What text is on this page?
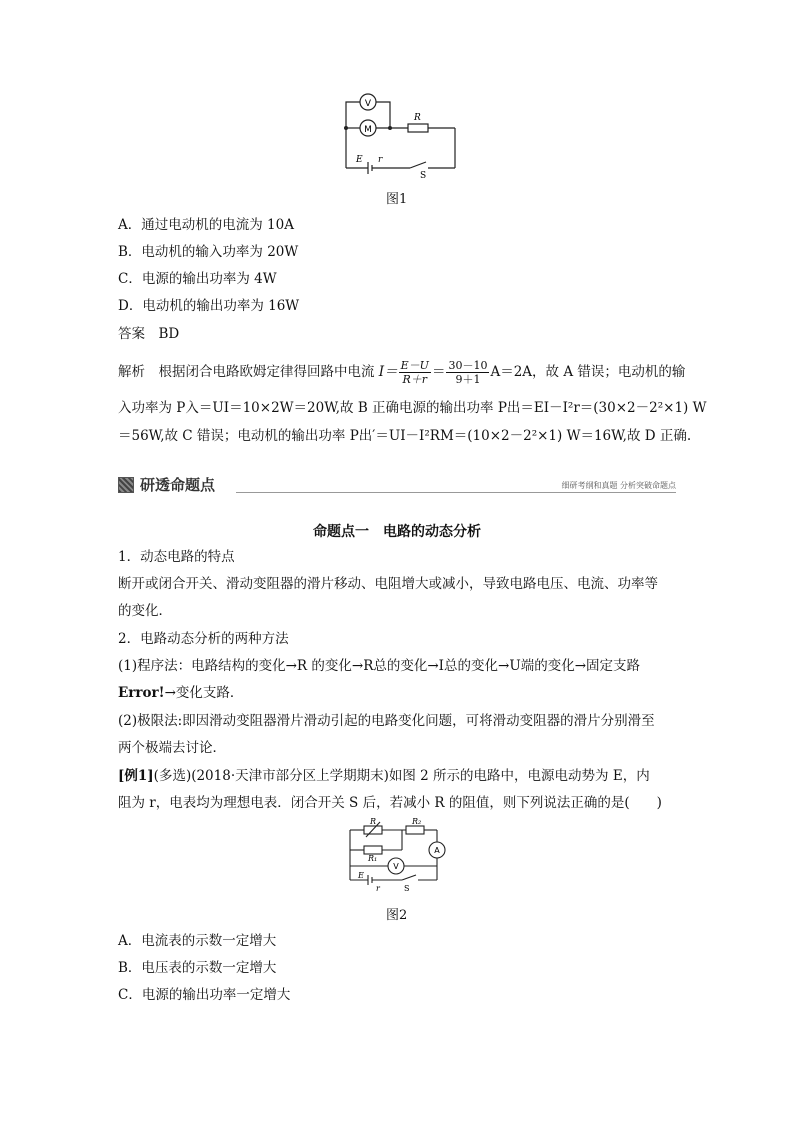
V
M
R
E r
S
图1
A．通过电动机的电流为 10A
B．电动机的输入功率为 20W
C．电源的输出功率为 4W
D．电动机的输出功率为 16W
答案　BD
解析　根据闭合电路欧姆定律得回路中电流 $I= \frac{E-U}{R+r} = \frac{30-10}{9+1} A=2A$，故 A 错误；电动机的输
入功率为 P入＝UI＝10×2W＝20W,故 B 正确电源的输出功率 P出＝EI－I²r＝(30×2－2²×1) W
＝56W,故 C 错误；电动机的输出功率 P出′＝UI－I²RM＝(10×2－2²×1) W＝16W,故 D 正确.
研透命题点	细研考纲和真题 分析突破命题点
命题点一　电路的动态分析
1．动态电路的特点
断开或闭合开关、滑动变阻器的滑片移动、电阻增大或减小，导致电路电压、电流、功率等
的变化．
2．电路动态分析的两种方法
(1)程序法：电路结构的变化→R 的变化→R总的变化→I总的变化→U端的变化→固定支路
Error!→变化支路．
(2)极限法:即因滑动变阻器滑片滑动引起的电路变化问题，可将滑动变阻器的滑片分别滑至
两个极端去讨论．
[例1](多选)(2018·天津市部分区上学期期末)如图 2 所示的电路中，电源电动势为 E，内
阻为 r，电表均为理想电表．闭合开关 S 后，若减小 R 的阻值，则下列说法正确的是(　　)
R	R₂
R₁
V
A
E
r	S
图2
A．电流表的示数一定增大
B．电压表的示数一定增大
C．电源的输出功率一定增大
